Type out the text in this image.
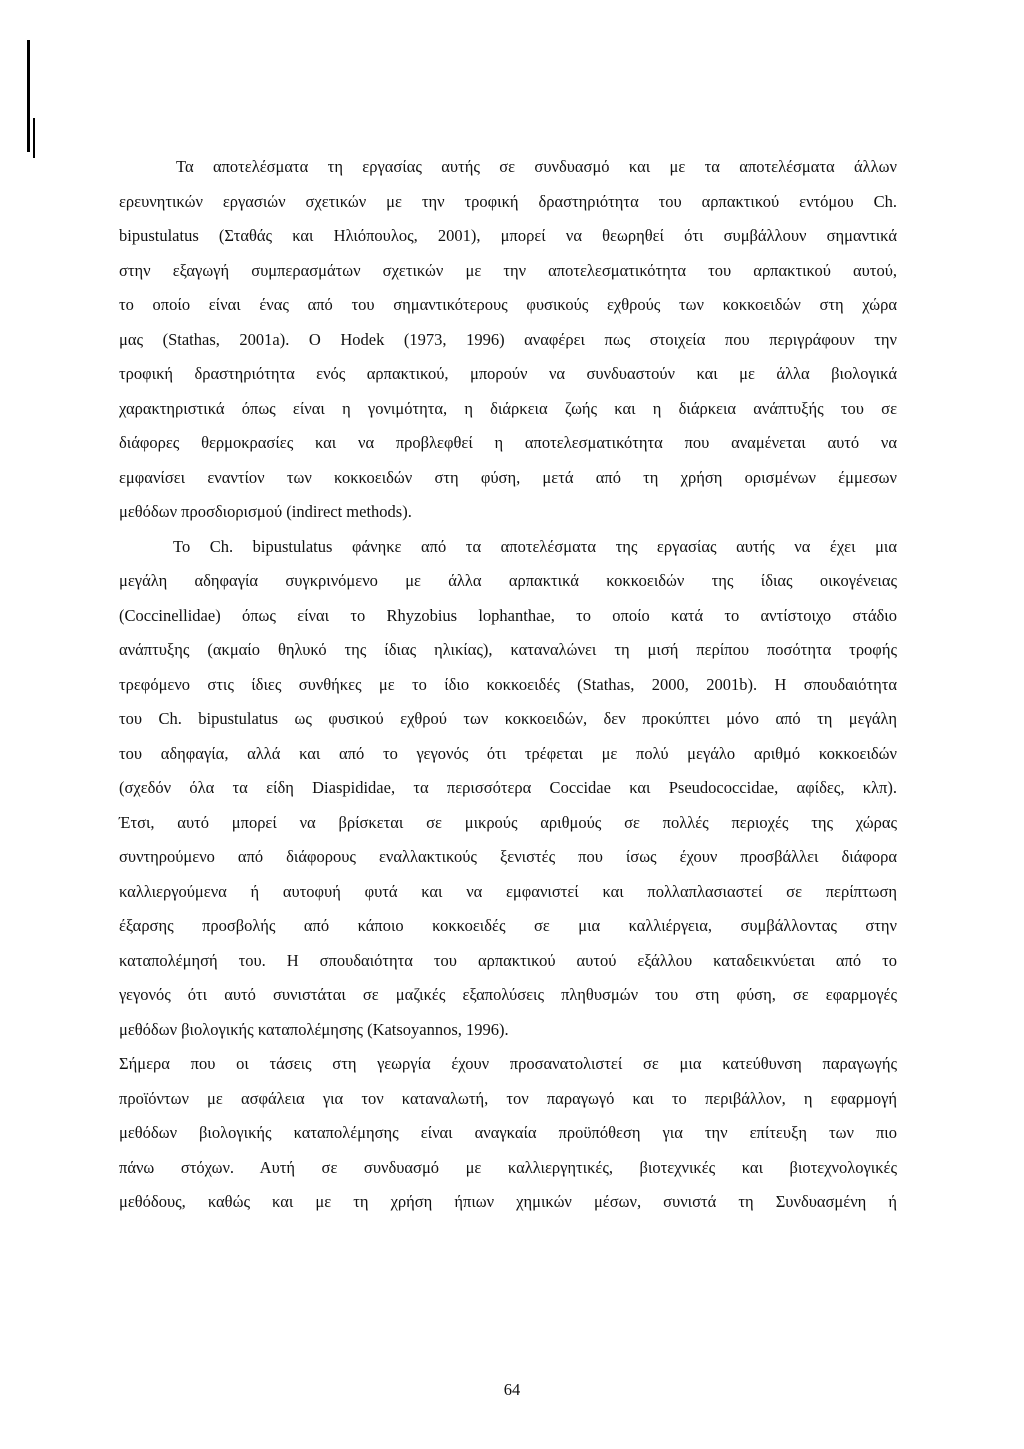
Τα αποτελέσματα τη εργασίας αυτής σε συνδυασμό και με τα αποτελέσματα άλλων
ερευνητικών εργασιών σχετικών με την τροφική δραστηριότητα του αρπακτικού εντόμου Ch.
bipustulatus (Σταθάς και Ηλιόπουλος, 2001), μπορεί να θεωρηθεί ότι συμβάλλουν σημαντικά
στην εξαγωγή συμπερασμάτων σχετικών με την αποτελεσματικότητα του αρπακτικού αυτού,
το οποίο είναι ένας από του σημαντικότερους φυσικούς εχθρούς των κοκκοειδών στη χώρα
μας (Stathas, 2001a). Ο Hodek (1973, 1996) αναφέρει πως στοιχεία που περιγράφουν την
τροφική δραστηριότητα ενός αρπακτικού, μπορούν να συνδυαστούν και με άλλα βιολογικά
χαρακτηριστικά όπως είναι η γονιμότητα, η διάρκεια ζωής και η διάρκεια ανάπτυξής του σε
διάφορες θερμοκρασίες και να προβλεφθεί η αποτελεσματικότητα που αναμένεται αυτό να
εμφανίσει εναντίον των κοκκοειδών στη φύση, μετά από τη χρήση ορισμένων έμμεσων
μεθόδων προσδιορισμού (indirect methods).
Το Ch. bipustulatus φάνηκε από τα αποτελέσματα της εργασίας αυτής να έχει μια
μεγάλη αδηφαγία συγκρινόμενο με άλλα αρπακτικά κοκκοειδών της ίδιας οικογένειας
(Coccinellidae) όπως είναι το Rhyzobius lophanthae, το οποίο κατά το αντίστοιχο στάδιο
ανάπτυξης (ακμαίο θηλυκό της ίδιας ηλικίας), καταναλώνει τη μισή περίπου ποσότητα τροφής
τρεφόμενο στις ίδιες συνθήκες με το ίδιο κοκκοειδές (Stathas, 2000, 2001b). Η σπουδαιότητα
του Ch. bipustulatus ως φυσικού εχθρού των κοκκοειδών, δεν προκύπτει μόνο από τη μεγάλη
του αδηφαγία, αλλά και από το γεγονός ότι τρέφεται με πολύ μεγάλο αριθμό κοκκοειδών
(σχεδόν όλα τα είδη Diaspididae, τα περισσότερα Coccidae και Pseudococcidae, αφίδες, κλπ).
Έτσι, αυτό μπορεί να βρίσκεται σε μικρούς αριθμούς σε πολλές περιοχές της χώρας
συντηρούμενο από διάφορους εναλλακτικούς ξενιστές που ίσως έχουν προσβάλλει διάφορα
καλλιεργούμενα ή αυτοφυή φυτά και να εμφανιστεί και πολλαπλασιαστεί σε περίπτωση
έξαρσης προσβολής από κάποιο κοκκοειδές σε μια καλλιέργεια, συμβάλλοντας στην
καταπολέμησή του. Η σπουδαιότητα του αρπακτικού αυτού εξάλλου καταδεικνύεται από το
γεγονός ότι αυτό συνιστάται σε μαζικές εξαπολύσεις πληθυσμών του στη φύση, σε εφαρμογές
μεθόδων βιολογικής καταπολέμησης (Katsoyannos, 1996).
Σήμερα που οι τάσεις στη γεωργία έχουν προσανατολιστεί σε μια κατεύθυνση παραγωγής
προϊόντων με ασφάλεια για τον καταναλωτή, τον παραγωγό και το περιβάλλον, η εφαρμογή
μεθόδων βιολογικής καταπολέμησης είναι αναγκαία προϋπόθεση για την επίτευξη των πιο
πάνω στόχων. Αυτή σε συνδυασμό με καλλιεργητικές, βιοτεχνικές και βιοτεχνολογικές
μεθόδους, καθώς και με τη χρήση ήπιων χημικών μέσων, συνιστά τη Συνδυασμένη ή
64
